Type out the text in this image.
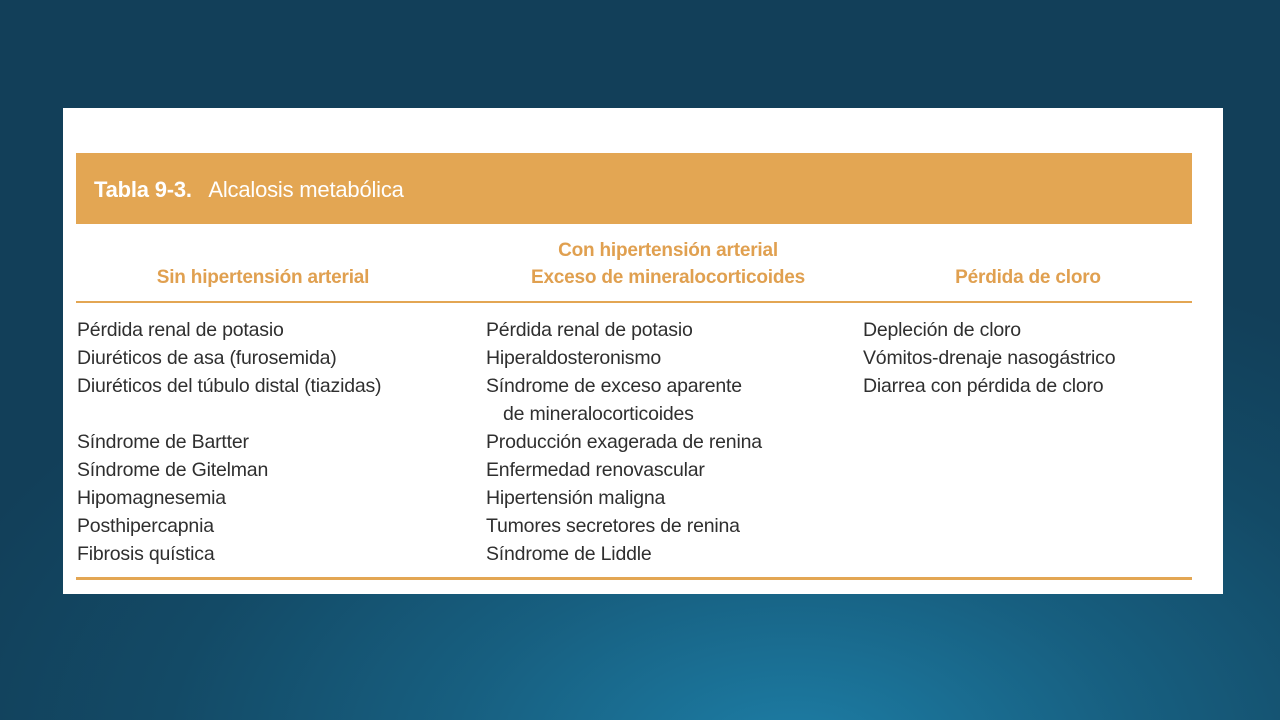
Tabla 9-3. Alcalosis metabólica
Sin hipertensión arterial
Con hipertensión arterial
Exceso de mineralocorticoides	Pérdida de cloro
Pérdida renal de potasio
Diuréticos de asa (furosemida)
Diuréticos del túbulo distal (tiazidas)

Síndrome de Bartter
Síndrome de Gitelman
Hipomagnesemia
Posthipercapnia
Fibrosis quística
Pérdida renal de potasio
Hiperaldosteronismo
Síndrome de exceso aparente
de mineralocorticoides
Producción exagerada de renina
Enfermedad renovascular
Hipertensión maligna
Tumores secretores de renina
Síndrome de Liddle
Depleción de cloro
Vómitos-drenaje nasogástrico
Diarrea con pérdida de cloro
